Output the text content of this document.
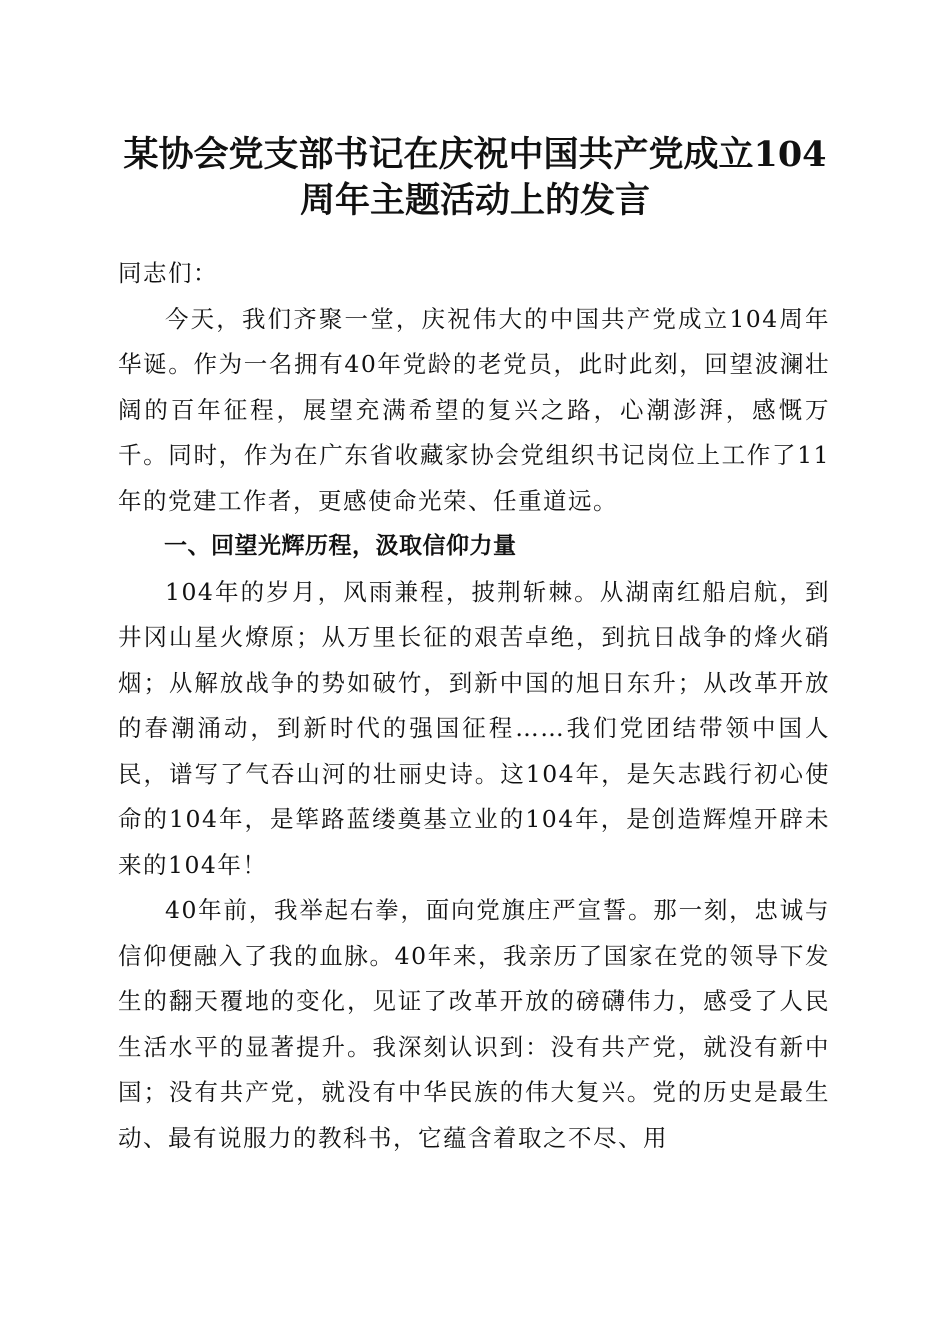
某协会党支部书记在庆祝中国共产党成立104周年主题活动上的发言

同志们：

今天，我们齐聚一堂，庆祝伟大的中国共产党成立104周年华诞。作为一名拥有40年党龄的老党员，此时此刻，回望波澜壮阔的百年征程，展望充满希望的复兴之路，心潮澎湃，感慨万千。同时，作为在广东省收藏家协会党组织书记岗位上工作了11年的党建工作者，更感使命光荣、任重道远。

一、回望光辉历程，汲取信仰力量

104年的岁月，风雨兼程，披荆斩棘。从湖南红船启航，到井冈山星火燎原；从万里长征的艰苦卓绝，到抗日战争的烽火硝烟；从解放战争的势如破竹，到新中国的旭日东升；从改革开放的春潮涌动，到新时代的强国征程……我们党团结带领中国人民，谱写了气吞山河的壮丽史诗。这104年，是矢志践行初心使命的104年，是筚路蓝缕奠基立业的104年，是创造辉煌开辟未来的104年！

40年前，我举起右拳，面向党旗庄严宣誓。那一刻，忠诚与信仰便融入了我的血脉。40年来，我亲历了国家在党的领导下发生的翻天覆地的变化，见证了改革开放的磅礴伟力，感受了人民生活水平的显著提升。我深刻认识到：没有共产党，就没有新中国；没有共产党，就没有中华民族的伟大复兴。党的历史是最生动、最有说服力的教科书，它蕴含着取之不尽、用
